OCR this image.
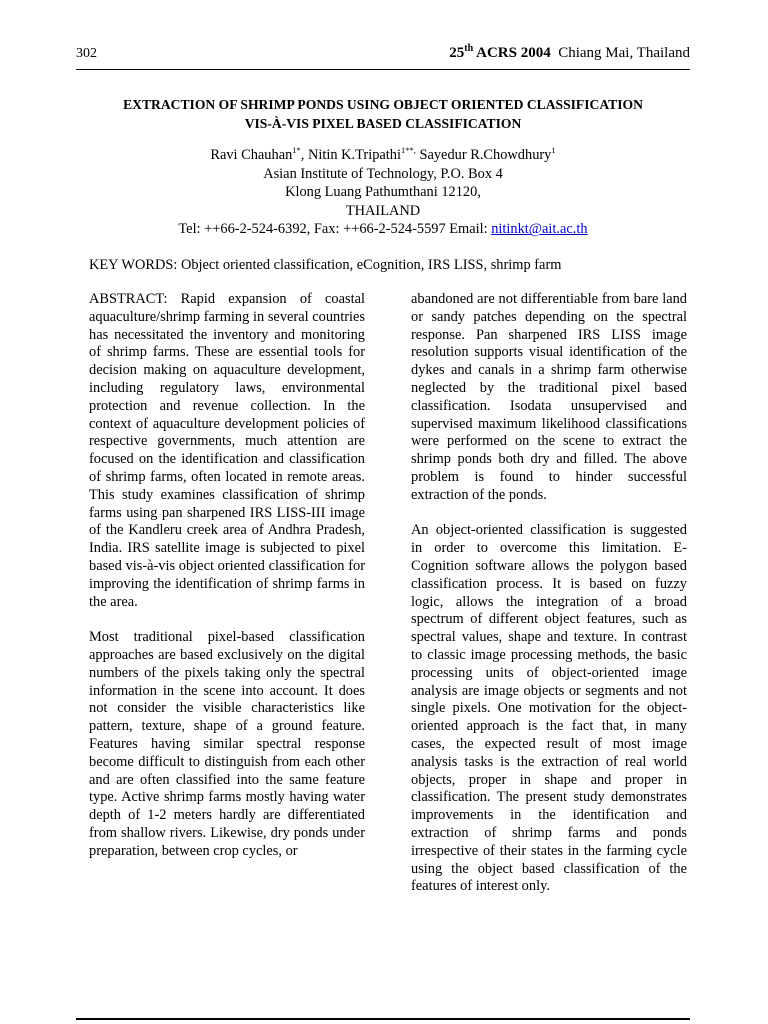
302	25th ACRS 2004 Chiang Mai, Thailand
EXTRACTION OF SHRIMP PONDS USING OBJECT ORIENTED CLASSIFICATION
VIS-À-VIS PIXEL BASED CLASSIFICATION
Ravi Chauhan$^{1*}$, Nitin K.Tripathi$^{1**,}$ Sayedur R.Chowdhury$^1$
Asian Institute of Technology, P.O. Box 4
Klong Luang Pathumthani 12120,
THAILAND
Tel: ++66-2-524-6392, Fax: ++66-2-524-5597 Email: nitinkt@ait.ac.th
KEY WORDS: Object oriented classification, eCognition, IRS LISS, shrimp farm

ABSTRACT: Rapid expansion of coastal aquaculture/shrimp farming in several countries has necessitated the inventory and monitoring of shrimp farms. These are essential tools for decision making on aquaculture development, including regulatory laws, environmental protection and revenue collection. In the context of aquaculture development policies of respective governments, much attention are focused on the identification and classification of shrimp farms, often located in remote areas. This study examines classification of shrimp farms using pan sharpened IRS LISS-III image of the Kandleru creek area of Andhra Pradesh, India. IRS satellite image is subjected to pixel based vis-à-vis object oriented classification for improving the identification of shrimp farms in the area.

Most traditional pixel-based classification approaches are based exclusively on the digital numbers of the pixels taking only the spectral information in the scene into account. It does not consider the visible characteristics like pattern, texture, shape of a ground feature. Features having similar spectral response become difficult to distinguish from each other and are often classified into the same feature type. Active shrimp farms mostly having water depth of 1-2 meters hardly are differentiated from shallow rivers. Likewise, dry ponds under preparation, between crop cycles, or

abandoned are not differentiable from bare land or sandy patches depending on the spectral response. Pan sharpened IRS LISS image resolution supports visual identification of the dykes and canals in a shrimp farm otherwise neglected by the traditional pixel based classification. Isodata unsupervised and supervised maximum likelihood classifications were performed on the scene to extract the shrimp ponds both dry and filled. The above problem is found to hinder successful extraction of the ponds.

An object-oriented classification is suggested in order to overcome this limitation. E-Cognition software allows the polygon based classification process. It is based on fuzzy logic, allows the integration of a broad spectrum of different object features, such as spectral values, shape and texture. In contrast to classic image processing methods, the basic processing units of object-oriented image analysis are image objects or segments and not single pixels. One motivation for the object-oriented approach is the fact that, in many cases, the expected result of most image analysis tasks is the extraction of real world objects, proper in shape and proper in classification. The present study demonstrates improvements in the identification and extraction of shrimp farms and ponds irrespective of their states in the farming cycle using the object based classification of the features of interest only.
